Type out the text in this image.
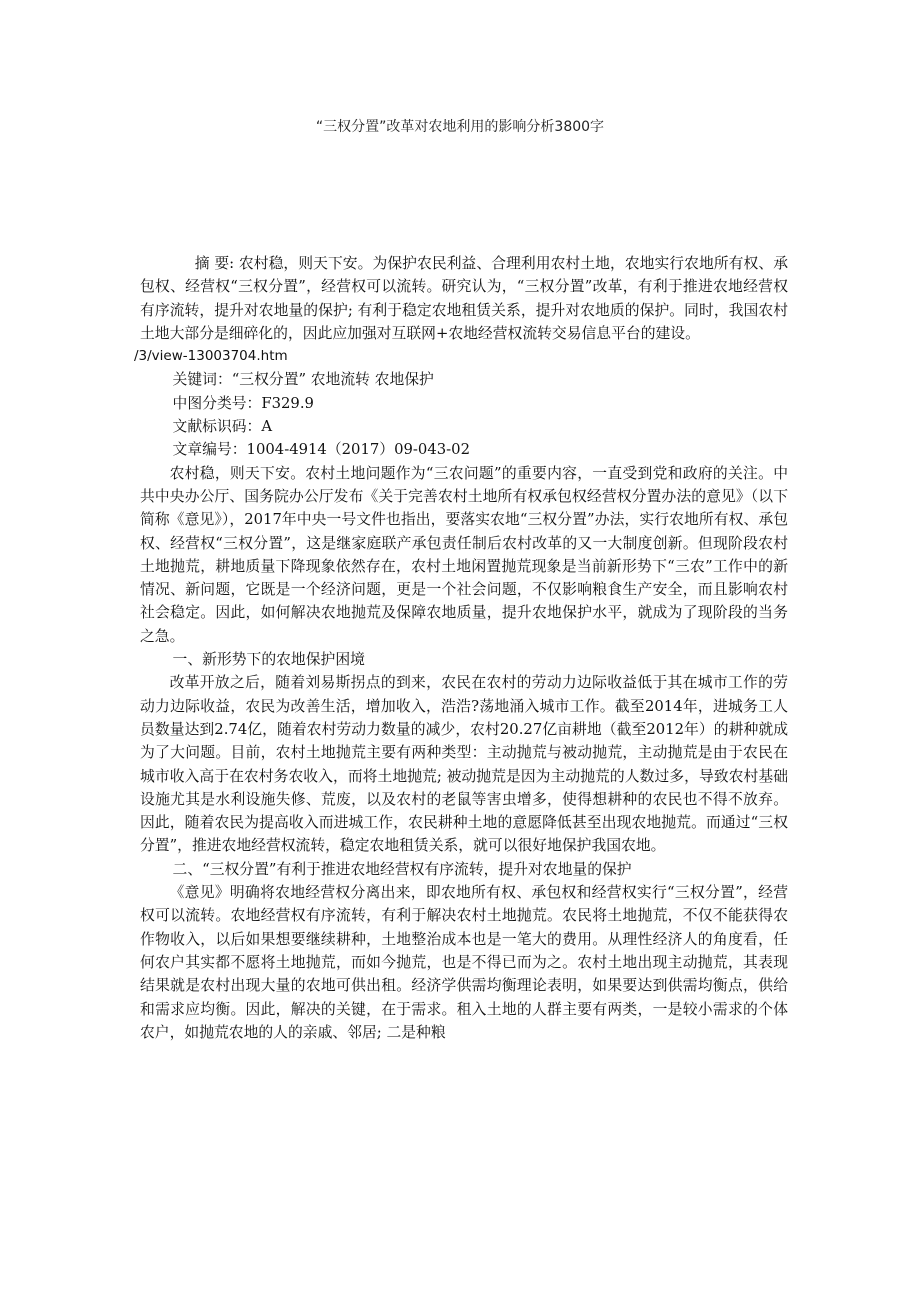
“三权分置”改革对农地利用的影响分析3800字

摘 要: 农村稳，则天下安。为保护农民利益、合理利用农村土地，农地实行农地所有权、承包权、经营权“三权分置”，经营权可以流转。研究认为，“三权分置”改革，有利于推进农地经营权有序流转，提升对农地量的保护; 有利于稳定农地租赁关系，提升对农地质的保护。同时，我国农村土地大部分是细碎化的，因此应加强对互联网+农地经营权流转交易信息平台的建设。

/3/view-13003704.htm

关键词：“三权分置” 农地流转 农地保护

中图分类号：F329.9

文献标识码：A

文章编号：1004-4914（2017）09-043-02

农村稳，则天下安。农村土地问题作为“三农问题”的重要内容，一直受到党和政府的关注。中共中央办公厅、国务院办公厅发布《关于完善农村土地所有权承包权经营权分置办法的意见》（以下简称《意见》），2017年中央一号文件也指出，要落实农地“三权分置”办法，实行农地所有权、承包权、经营权“三权分置”，这是继家庭联产承包责任制后农村改革的又一大制度创新。但现阶段农村土地抛荒，耕地质量下降现象依然存在，农村土地闲置抛荒现象是当前新形势下“三农”工作中的新情况、新问题，它既是一个经济问题，更是一个社会问题，不仅影响粮食生产安全，而且影响农村社会稳定。因此，如何解决农地抛荒及保障农地质量，提升农地保护水平，就成为了现阶段的当务之急。

一、新形势下的农地保护困境

改革开放之后，随着刘易斯拐点的到来，农民在农村的劳动力边际收益低于其在城市工作的劳动力边际收益，农民为改善生活，增加收入，浩浩?荡地涌入城市工作。截至2014年，进城务工人员数量达到2.74亿，随着农村劳动力数量的减少，农村20.27亿亩耕地（截至2012年）的耕种就成为了大问题。目前，农村土地抛荒主要有两种类型：主动抛荒与被动抛荒，主动抛荒是由于农民在城市收入高于在农村务农收入，而将土地抛荒; 被动抛荒是因为主动抛荒的人数过多，导致农村基础设施尤其是水利设施失修、荒废，以及农村的老鼠等害虫增多，使得想耕种的农民也不得不放弃。因此，随着农民为提高收入而进城工作，农民耕种土地的意愿降低甚至出现农地抛荒。而通过“三权分置”，推进农地经营权流转，稳定农地租赁关系，就可以很好地保护我国农地。

二、“三权分置”有利于推进农地经营权有序流转，提升对农地量的保护

《意见》明确将农地经营权分离出来，即农地所有权、承包权和经营权实行“三权分置”，经营权可以流转。农地经营权有序流转，有利于解决农村土地抛荒。农民将土地抛荒，不仅不能获得农作物收入，以后如果想要继续耕种，土地整治成本也是一笔大的费用。从理性经济人的角度看，任何农户其实都不愿将土地抛荒，而如今抛荒，也是不得已而为之。农村土地出现主动抛荒，其表现结果就是农村出现大量的农地可供出租。经济学供需均衡理论表明，如果要达到供需均衡点，供给和需求应均衡。因此，解决的关键，在于需求。租入土地的人群主要有两类，一是较小需求的个体农户，如抛荒农地的人的亲戚、邻居; 二是种粮
